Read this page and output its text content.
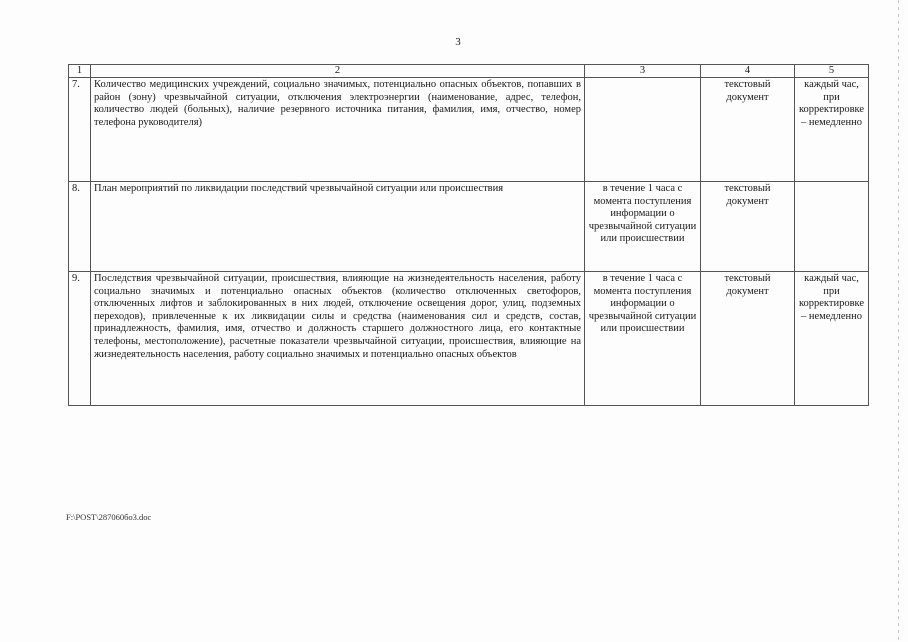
3
1	2	3	4	5
7.	Количество медицинских учреждений, социально значимых, потенциально опасных объектов, попавших в район (зону) чрезвычайной ситуации, отключения электроэнергии (наименование, адрес, телефон, количество людей (больных), наличие резервного источника питания, фамилия, имя, отчество, номер телефона руководителя)		текстовый документ	каждый час, при корректировке – немедленно
8.	План мероприятий по ликвидации последствий чрезвычайной ситуации или происшествия	в течение 1 часа с момента поступления информации о чрезвычайной ситуации или происшествии	текстовый документ	
9.	Последствия чрезвычайной ситуации, происшествия, влияющие на жизнедеятельность населения, работу социально значимых и потенциально опасных объектов (количество отключенных светофоров, отключенных лифтов и заблокированных в них людей, отключение освещения дорог, улиц, подземных переходов), привлеченные к их ликвидации силы и средства (наименования сил и средств, состав, принадлежность, фамилия, имя, отчество и должность старшего должностного лица, его контактные телефоны, местоположение), расчетные показатели чрезвычайной ситуации, происшествия, влияющие на жизнедеятельность населения, работу социально значимых и потенциально опасных объектов	в течение 1 часа с момента поступления информации о чрезвычайной ситуации или происшествии	текстовый документ	каждый час, при корректировке – немедленно
F:\POST\287060бо3.doc
